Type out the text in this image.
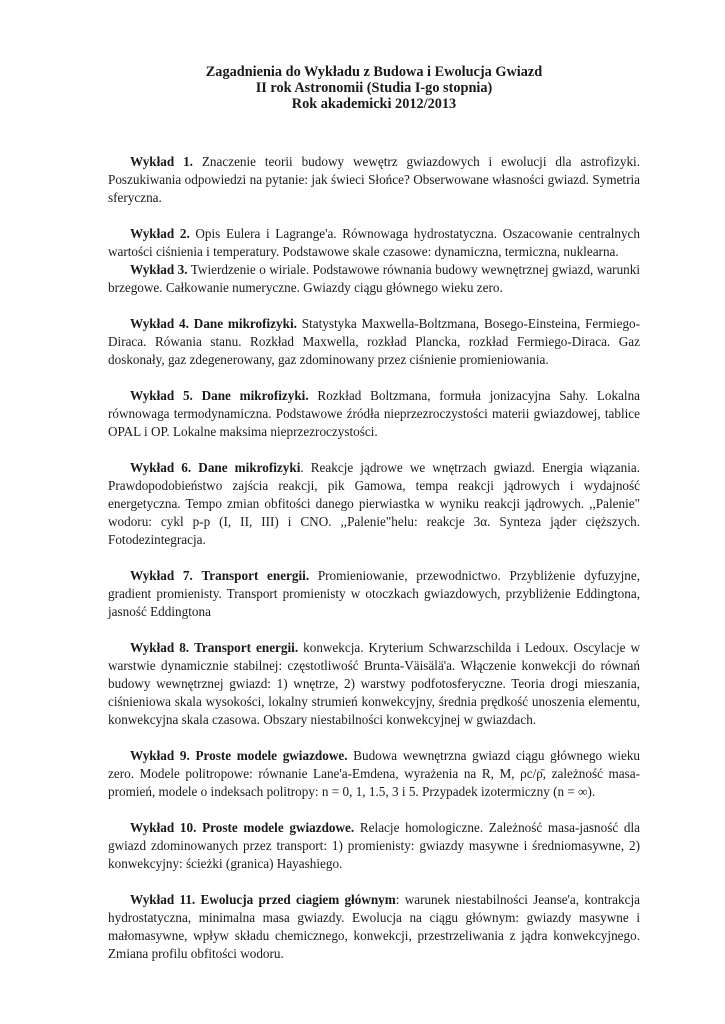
Zagadnienia do Wykładu z Budowa i Ewolucja Gwiazd
II rok Astronomii (Studia I-go stopnia)
Rok akademicki 2012/2013

Wykład 1. Znaczenie teorii budowy wewętrz gwiazdowych i ewolucji dla astrofizyki. Poszukiwania odpowiedzi na pytanie: jak świeci Słońce? Obserwowane własności gwiazd. Symetria sferyczna.

Wykład 2. Opis Eulera i Lagrange'a. Równowaga hydrostatyczna. Oszacowanie centralnych wartości ciśnienia i temperatury. Podstawowe skale czasowe: dynamiczna, termiczna, nuklearna.

Wykład 3. Twierdzenie o wiriale. Podstawowe równania budowy wewnętrznej gwiazd, warunki brzegowe. Całkowanie numeryczne. Gwiazdy ciągu głównego wieku zero.

Wykład 4. Dane mikrofizyki. Statystyka Maxwella-Boltzmana, Bosego-Einsteina, Fermiego-Diraca. Rówania stanu. Rozkład Maxwella, rozkład Plancka, rozkład Fermiego-Diraca. Gaz doskonały, gaz zdegenerowany, gaz zdominowany przez ciśnienie promieniowania.

Wykład 5. Dane mikrofizyki. Rozkład Boltzmana, formuła jonizacyjna Sahy. Lokalna równowaga termodynamiczna. Podstawowe źródła nieprzezroczystości materii gwiazdowej, tablice OPAL i OP. Lokalne maksima nieprzezroczystości.

Wykład 6. Dane mikrofizyki. Reakcje jądrowe we wnętrzach gwiazd. Energia wiązania. Prawdopodobieństwo zajścia reakcji, pik Gamowa, tempa reakcji jądrowych i wydajność energetyczna. Tempo zmian obfitości danego pierwiastka w wyniku reakcji jądrowych. ,,Palenie" wodoru: cykl p-p (I, II, III) i CNO. ,,Palenie"helu: reakcje 3α. Synteza jąder cięższych. Fotodezintegracja.

Wykład 7. Transport energii. Promieniowanie, przewodnictwo. Przybliżenie dyfuzyjne, gradient promienisty. Transport promienisty w otoczkach gwiazdowych, przybliżenie Eddingtona, jasność Eddingtona

Wykład 8. Transport energii. konwekcja. Kryterium Schwarzschilda i Ledoux. Oscylacje w warstwie dynamicznie stabilnej: częstotliwość Brunta-Väisälä'a. Włączenie konwekcji do równań budowy wewnętrznej gwiazd: 1) wnętrze, 2) warstwy podfotosferyczne. Teoria drogi mieszania, ciśnieniowa skala wysokości, lokalny strumień konwekcyjny, średnia prędkość unoszenia elementu, konwekcyjna skala czasowa. Obszary niestabilności konwekcyjnej w gwiazdach.

Wykład 9. Proste modele gwiazdowe. Budowa wewnętrzna gwiazd ciągu głównego wieku zero. Modele politropowe: równanie Lane'a-Emdena, wyrażenia na R, M, ρc/ρ̄, zależność masa-promień, modele o indeksach politropy: n = 0, 1, 1.5, 3 i 5. Przypadek izotermiczny (n = ∞).

Wykład 10. Proste modele gwiazdowe. Relacje homologiczne. Zależność masa-jasność dla gwiazd zdominowanych przez transport: 1) promienisty: gwiazdy masywne i średniomasywne, 2) konwekcyjny: ścieżki (granica) Hayashiego.

Wykład 11. Ewolucja przed ciagiem głównym: warunek niestabilności Jeanse'a, kontrakcja hydrostatyczna, minimalna masa gwiazdy. Ewolucja na ciągu głównym: gwiazdy masywne i małomasywne, wpływ składu chemicznego, konwekcji, przestrzeliwania z jądra konwekcyjnego. Zmiana profilu obfitości wodoru.
